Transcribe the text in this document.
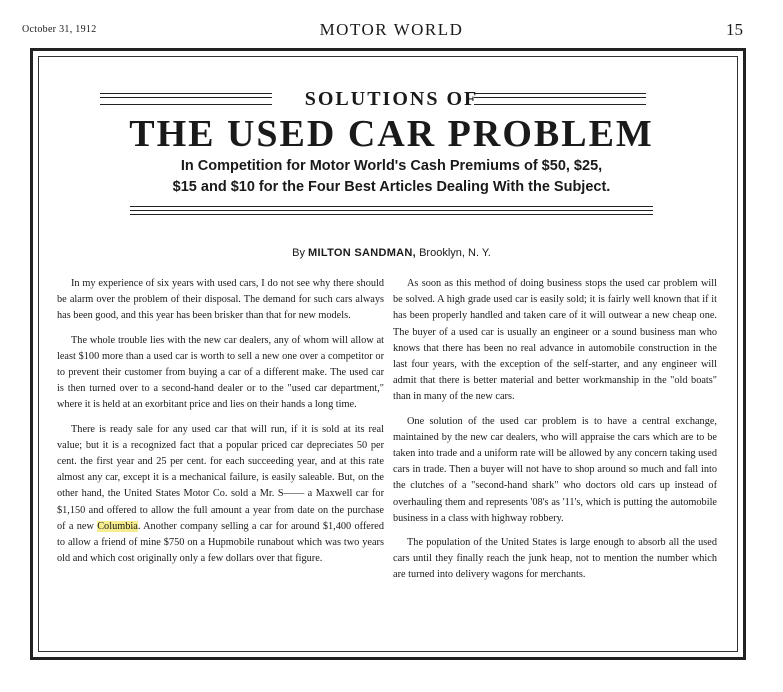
October 31, 1912	MOTOR WORLD	15
SOLUTIONS OF
THE USED CAR PROBLEM
In Competition for Motor World's Cash Premiums of $50, $25,
$15 and $10 for the Four Best Articles Dealing With the Subject.
By MILTON SANDMAN, Brooklyn, N. Y.

In my experience of six years with used cars, I do not see why there should be alarm over the problem of their disposal. The demand for such cars always has been good, and this year has been brisker than that for new models.

The whole trouble lies with the new car dealers, any of whom will allow at least $100 more than a used car is worth to sell a new one over a competitor or to prevent their customer from buying a car of a different make. The used car is then turned over to a second-hand dealer or to the "used car department," where it is held at an exorbitant price and lies on their hands a long time.

There is ready sale for any used car that will run, if it is sold at its real value; but it is a recognized fact that a popular priced car depreciates 50 per cent. the first year and 25 per cent. for each succeeding year, and at this rate almost any car, except it is a mechanical failure, is easily saleable. But, on the other hand, the United States Motor Co. sold a Mr. S—— a Maxwell car for $1,150 and offered to allow the full amount a year from date on the purchase of a new Columbia. Another company selling a car for around $1,400 offered to allow a friend of mine $750 on a Hupmobile runabout which was two years old and which cost originally only a few dollars over that figure.

As soon as this method of doing business stops the used car problem will be solved. A high grade used car is easily sold; it is fairly well known that if it has been properly handled and taken care of it will outwear a new cheap one. The buyer of a used car is usually an engineer or a sound business man who knows that there has been no real advance in automobile construction in the last four years, with the exception of the self-starter, and any engineer will admit that there is better material and better workmanship in the "old boats" than in many of the new cars.

One solution of the used car problem is to have a central exchange, maintained by the new car dealers, who will appraise the cars which are to be taken into trade and a uniform rate will be allowed by any concern taking used cars in trade. Then a buyer will not have to shop around so much and fall into the clutches of a "second-hand shark" who doctors old cars up instead of overhauling them and represents '08's as '11's, which is putting the automobile business in a class with highway robbery.

The population of the United States is large enough to absorb all the used cars until they finally reach the junk heap, not to mention the number which are turned into delivery wagons for merchants.
